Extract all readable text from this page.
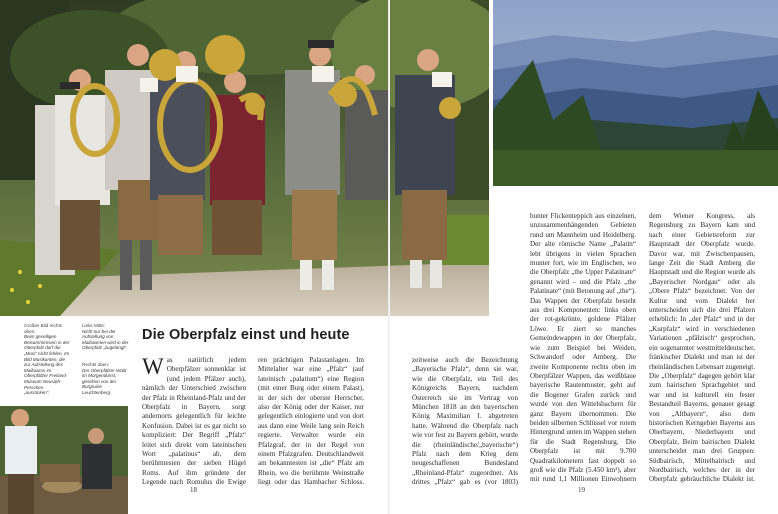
Großes Bild rechts oben:
Beim geselligen Beisammensein in der Oberpfalz darf die „Musi“ nicht fehlen. Im Bild Musikanten, die zur Aufstellung des Maibaums im Oberpfälzer Freiland-Museum Neusath-Perschen „ausrücken“.
Links Mitte:
Nicht nur bei der Aufstellung von Maibäumen wird in der Oberpfalz „zugelangt“.
Rechts oben:
Der Oberpfälzer Wald im Morgendunst, gesehen von der Burgruine Leuchtenberg.
Die Oberpfalz einst und heute
Was natürlich jedem Oberpfälzer sonnenklar ist (und jedem Pfälzer auch), nämlich der Unterschied zwischen der Pfalz in Rheinland-Pfalz und der Oberpfalz in Bayern, sorgt andernorts gelegentlich für leichte Konfusion. Dabei ist es gar nicht so kompliziert: Der Begriff „Pfalz“ leitet sich direkt vom lateinischen Wort „palatinus“ ab, dem berühmtesten der sieben Hügel Roms. Auf ihm gründete der Legende nach Romulus die Ewige
ren prächtigen Palastanlagen. Im Mittelalter war eine „Pfalz“ (auf lateinisch „palatium“) eine Region (mit einer Burg oder einem Palast), in der sich der oberste Herrscher, also der König oder der Kaiser, nur gelegentlich einlogierte und von dort aus dann eine Weile lang sein Reich regierte. Verwalter wurde ein Pfalzgraf, der in der Regel von einem Pfalzgrafen. Deutschlandweit am bekanntesten ist „die“ Pfalz am Rhein, wo die berühmte Weinstraße liegt oder das Hambacher Schloss.
zeitweise auch die Bezeichnung „Bayerische Pfalz“, denn sie war, wie die Oberpfalz, ein Teil des Königreichs Bayern, nachdem Österreich sie im Vertrag von München 1818 an den bayerischen König Maximilian I. abgetreten hatte. Während die Oberpfalz nach wie vor fest zu Bayern gehört, wurde die (rheinländische/„bayerische“) Pfalz nach dem Krieg dem neugeschaffenen Bundesland „Rheinland-Pfalz“ zugeordnet. Als drittes „Pfalz“ gab es (vor 1803)
bunter Flickenteppich aus einzelnen, unzusammenhängenden Gebieten rund um Mannheim und Heidelberg. Der alte römische Name „Palatin“ lebt übrigens in vielen Sprachen munter fort, wie im Englischen, wo die Oberpfalz „the Upper Palatinate“ genannt wird – und die Pfalz „the Palatinate“ (mit Betonung auf „the“). Das Wappen der Oberpfalz besteht aus drei Komponenten: links oben der rot-gekrönte, goldene Pfälzer Löwe. Er ziert so manches Gemeindewappen in der Oberpfalz, wie zum Beispiel bei Weiden, Schwandorf oder Amberg. Die zweite Komponente rechts oben im Oberpfälzer Wappen, das weißblaue bayerische Rautenmuster, geht auf die Bogener Grafen zurück und wurde von den Wittelsbachern für ganz Bayern übernommen. Die beiden silbernen Schlüssel vor rotem Hintergrund unten im Wappen stehen für die Stadt Regensburg. Die Oberpfalz ist mit 9.700 Quadratkilometern fast doppelt so groß wie die Pfalz (5.450 km²), aber mit rund 1,1 Millionen Einwohnern
dem Wiener Kongress, als Regensburg zu Bayern kam und nach einer Gebietsreform zur Hauptstadt der Oberpfalz wurde. Davor war, mit Zwischenpausen, lange Zeit die Stadt Amberg die Hauptstadt und die Region wurde als „Bayerischer Nordgau“ oder als „Obere Pfalz“ bezeichnet. Von der Kultur und vom Dialekt her unterscheiden sich die drei Pfalzen erheblich: In „der Pfalz“ und in der „Kurpfalz“ wird in verschiedenen Variationen „pfälzisch“ gesprochen, ein sogenannter westmitteldeutscher, fränkischer Dialekt und man ist der rheinländischen Lebensart zugeneigt. Die „Oberpfalz“ dagegen gehört klar zum bairischen Sprachgebiet und war und ist kulturell ein fester Bestandteil Bayerns, genauer gesagt von „Altbayern“, also dem historischen Kerngebiet Bayerns aus Oberbayern, Niederbayern und Oberpfalz. Beim bairischen Dialekt unterscheidet man drei Gruppen: Südbairisch, Mittelbairisch und Nordbairisch, welches der in der Oberpfalz gebräuchliche Dialekt ist.
18	19
